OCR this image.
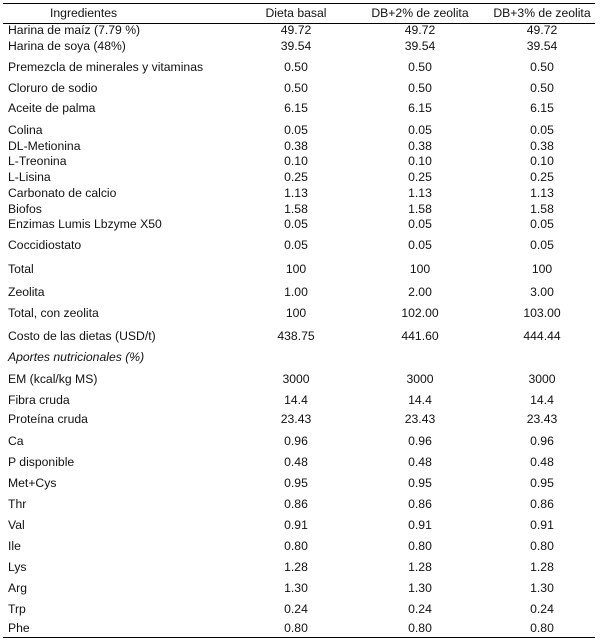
Ingredientes	Dieta basal	DB+2% de zeolita	DB+3% de zeolita
Harina de maíz (7.79 %)	49.72	49.72	49.72
Harina de soya (48%)	39.54	39.54	39.54
Premezcla de minerales y vitaminas	0.50	0.50	0.50
Cloruro de sodio	0.50	0.50	0.50
Aceite de palma	6.15	6.15	6.15
Colina	0.05	0.05	0.05
DL-Metionina	0.38	0.38	0.38
L-Treonina	0.10	0.10	0.10
L-Lisina	0.25	0.25	0.25
Carbonato de calcio	1.13	1.13	1.13
Biofos	1.58	1.58	1.58
Enzimas Lumis Lbzyme X50	0.05	0.05	0.05
Coccidiostato	0.05	0.05	0.05
Total	100	100	100
Zeolita	1.00	2.00	3.00
Total, con zeolita	100	102.00	103.00
Costo de las dietas (USD/t)	438.75	441.60	444.44
Aportes nutricionales (%)
EM (kcal/kg MS)	3000	3000	3000
Fibra cruda	14.4	14.4	14.4
Proteína cruda	23.43	23.43	23.43
Ca	0.96	0.96	0.96
P disponible	0.48	0.48	0.48
Met+Cys	0.95	0.95	0.95
Thr	0.86	0.86	0.86
Val	0.91	0.91	0.91
Ile	0.80	0.80	0.80
Lys	1.28	1.28	1.28
Arg	1.30	1.30	1.30
Trp	0.24	0.24	0.24
Phe	0.80	0.80	0.80
